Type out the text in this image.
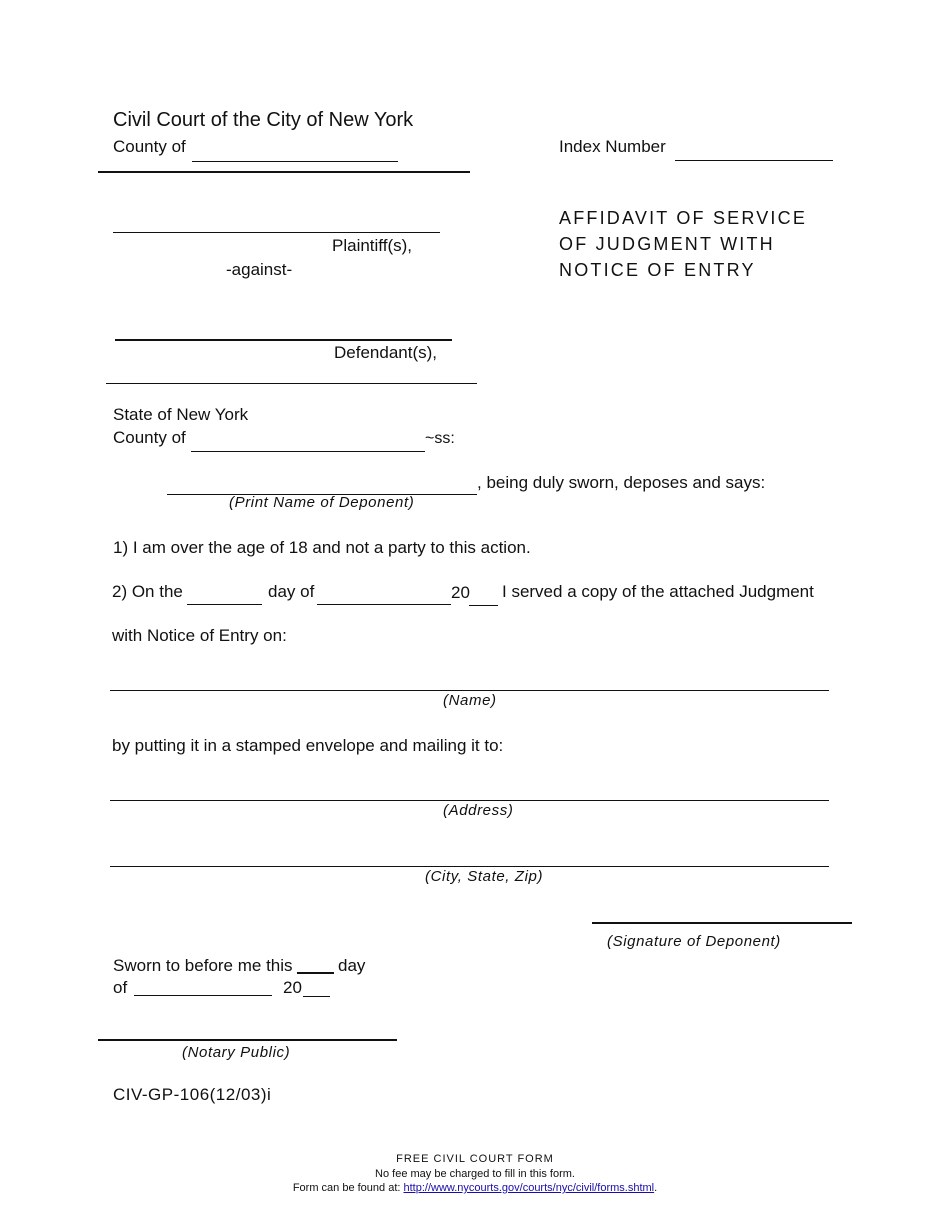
Civil Court of the City of New York
County of	Index Number
Plaintiff(s),
-against-
Defendant(s),
AFFIDAVIT OF SERVICE
OF JUDGMENT WITH
NOTICE OF ENTRY
State of New York
County of	~ss:
, being duly sworn, deposes and says:
(Print Name of Deponent)
1) I am over the age of 18 and not a party to this action.
2) On the	day of	20 I served a copy of the attached Judgment
with Notice of Entry on:
(Name)
by putting it in a stamped envelope and mailing it to:
(Address)
(City, State, Zip)
(Signature of Deponent)
Sworn to before me this	day
of	20
(Notary Public)
CIV-GP-106(12/03)i
FREE CIVIL COURT FORM
No fee may be charged to fill in this form.
Form can be found at: http://www.nycourts.gov/courts/nyc/civil/forms.shtml.
